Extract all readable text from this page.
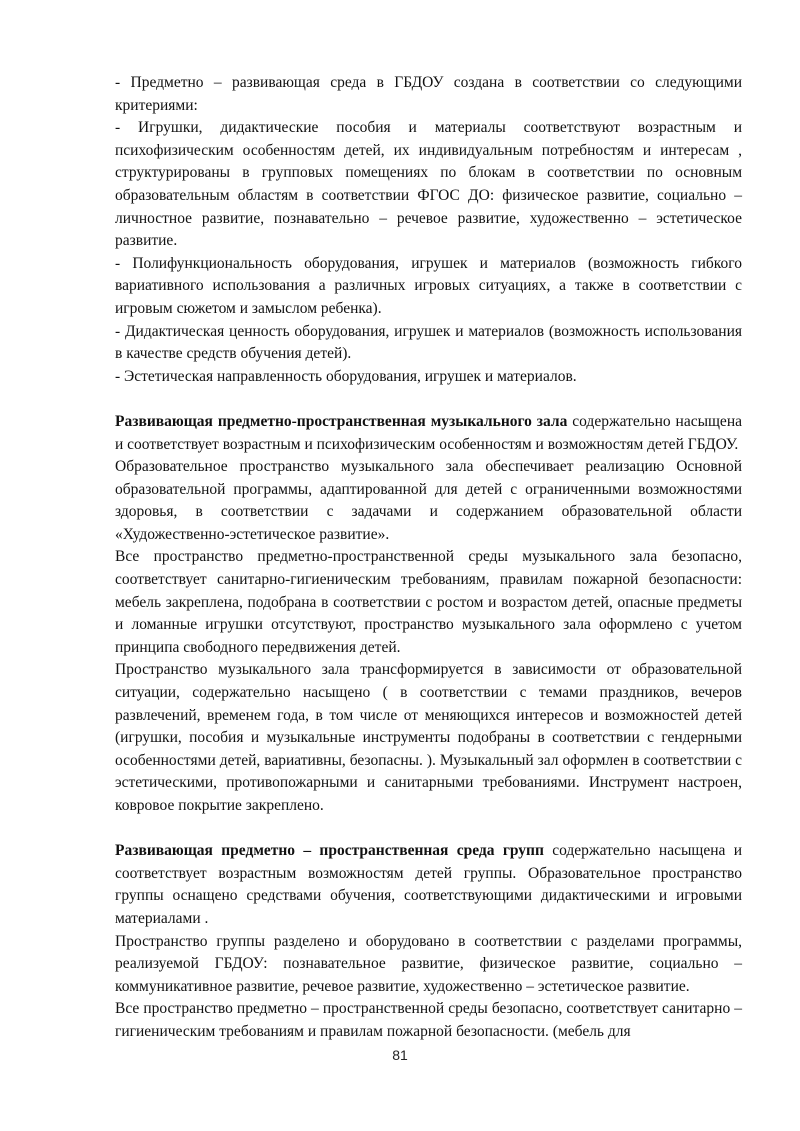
- Предметно – развивающая среда в ГБДОУ создана в соответствии со следующими критериями:

- Игрушки, дидактические пособия и материалы соответствуют возрастным и психофизическим особенностям детей, их индивидуальным потребностям и интересам , структурированы в групповых помещениях по блокам в соответствии по основным образовательным областям в соответствии ФГОС ДО: физическое развитие, социально – личностное развитие, познавательно – речевое развитие, художественно – эстетическое развитие.

- Полифункциональность оборудования, игрушек и материалов (возможность гибкого вариативного использования а различных игровых ситуациях, а также в соответствии с игровым сюжетом и замыслом ребенка).

- Дидактическая ценность оборудования, игрушек и материалов (возможность использования в качестве средств обучения детей).

- Эстетическая направленность оборудования, игрушек и материалов.

Развивающая предметно-пространственная музыкального зала содержательно насыщена и соответствует возрастным и психофизическим особенностям и возможностям детей ГБДОУ.

Образовательное пространство музыкального зала обеспечивает реализацию Основной образовательной программы, адаптированной для детей с ограниченными возможностями здоровья, в соответствии с задачами и содержанием образовательной области «Художественно-эстетическое развитие».

Все пространство предметно-пространственной среды музыкального зала безопасно, соответствует санитарно-гигиеническим требованиям, правилам пожарной безопасности: мебель закреплена, подобрана в соответствии с ростом и возрастом детей, опасные предметы и ломанные игрушки отсутствуют, пространство музыкального зала оформлено с учетом принципа свободного передвижения детей.

Пространство музыкального зала трансформируется в зависимости от образовательной ситуации, содержательно насыщено ( в соответствии с темами праздников, вечеров развлечений, временем года, в том числе от меняющихся интересов и возможностей детей (игрушки, пособия и музыкальные инструменты подобраны в соответствии с гендерными особенностями детей, вариативны, безопасны. ). Музыкальный зал оформлен в соответствии с эстетическими, противопожарными и санитарными требованиями. Инструмент настроен, ковровое покрытие закреплено.

Развивающая предметно – пространственная среда групп содержательно насыщена и соответствует возрастным возможностям детей группы. Образовательное пространство группы оснащено средствами обучения, соответствующими дидактическими и игровыми материалами .

Пространство группы разделено и оборудовано в соответствии с разделами программы, реализуемой ГБДОУ: познавательное развитие, физическое развитие, социально – коммуникативное развитие, речевое развитие, художественно – эстетическое развитие.

Все пространство предметно – пространственной среды безопасно, соответствует санитарно – гигиеническим требованиям и правилам пожарной безопасности. (мебель для

81
